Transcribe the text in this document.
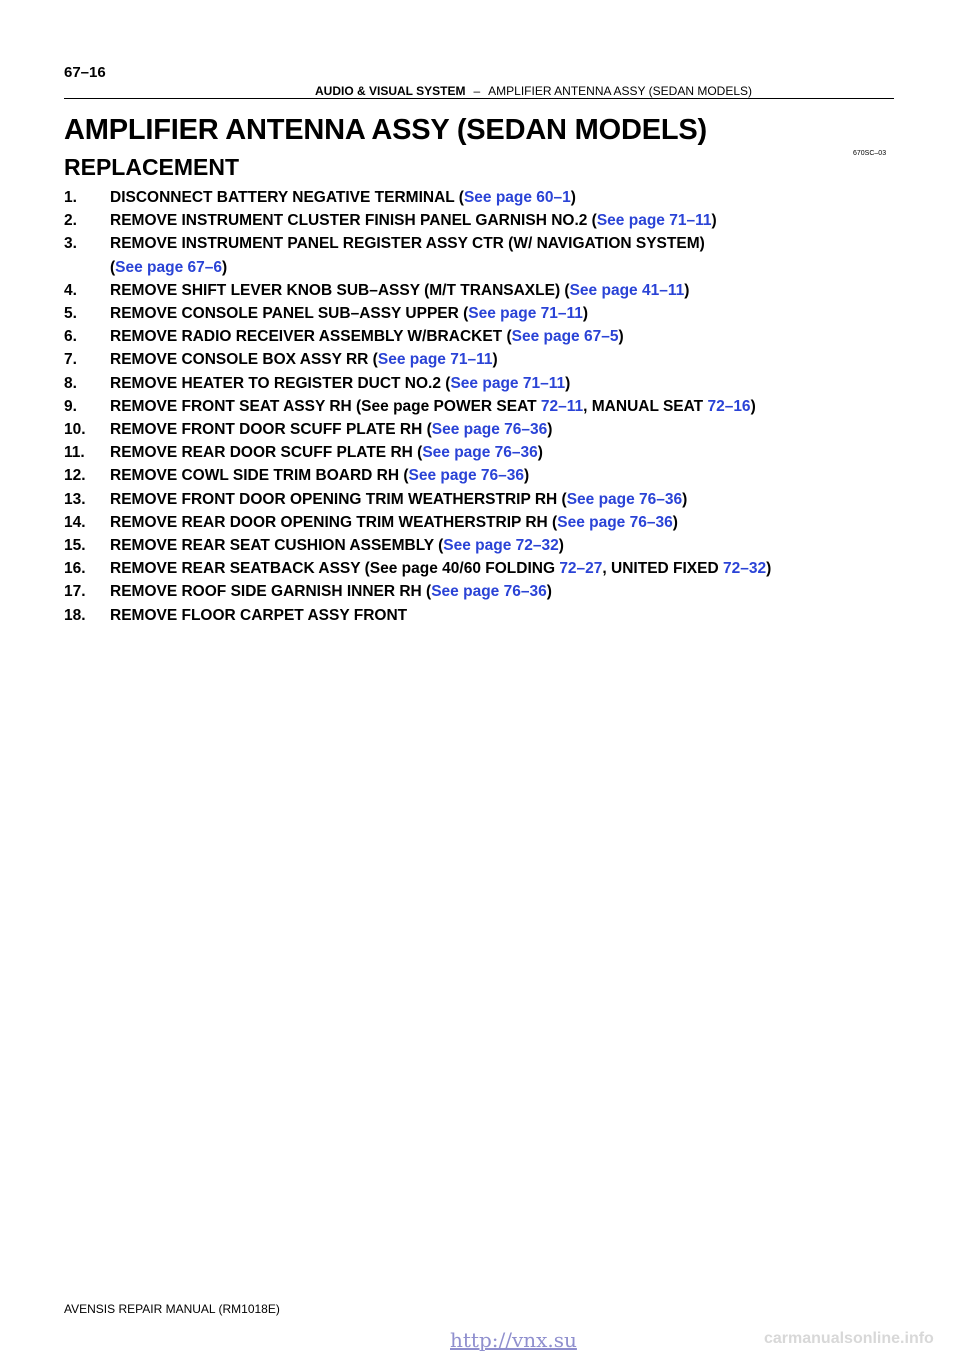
67–16
AUDIO & VISUAL SYSTEM – AMPLIFIER ANTENNA ASSY (SEDAN MODELS)
AMPLIFIER ANTENNA ASSY (SEDAN MODELS)
670SC–03
REPLACEMENT
1. DISCONNECT BATTERY NEGATIVE TERMINAL (See page 60–1)
2. REMOVE INSTRUMENT CLUSTER FINISH PANEL GARNISH NO.2 (See page 71–11)
3. REMOVE INSTRUMENT PANEL REGISTER ASSY CTR (W/ NAVIGATION SYSTEM)
(See page 67–6)
4. REMOVE SHIFT LEVER KNOB SUB–ASSY (M/T TRANSAXLE) (See page 41–11)
5. REMOVE CONSOLE PANEL SUB–ASSY UPPER (See page 71–11)
6. REMOVE RADIO RECEIVER ASSEMBLY W/BRACKET (See page 67–5)
7. REMOVE CONSOLE BOX ASSY RR (See page 71–11)
8. REMOVE HEATER TO REGISTER DUCT NO.2 (See page 71–11)
9. REMOVE FRONT SEAT ASSY RH (See page POWER SEAT 72–11, MANUAL SEAT 72–16)
10. REMOVE FRONT DOOR SCUFF PLATE RH (See page 76–36)
11. REMOVE REAR DOOR SCUFF PLATE RH (See page 76–36)
12. REMOVE COWL SIDE TRIM BOARD RH (See page 76–36)
13. REMOVE FRONT DOOR OPENING TRIM WEATHERSTRIP RH (See page 76–36)
14. REMOVE REAR DOOR OPENING TRIM WEATHERSTRIP RH (See page 76–36)
15. REMOVE REAR SEAT CUSHION ASSEMBLY (See page 72–32)
16. REMOVE REAR SEATBACK ASSY (See page 40/60 FOLDING 72–27, UNITED FIXED 72–32)
17. REMOVE ROOF SIDE GARNISH INNER RH (See page 76–36)
18. REMOVE FLOOR CARPET ASSY FRONT
AVENSIS REPAIR MANUAL (RM1018E)
http://vnx.su	carmanualsonline.info
